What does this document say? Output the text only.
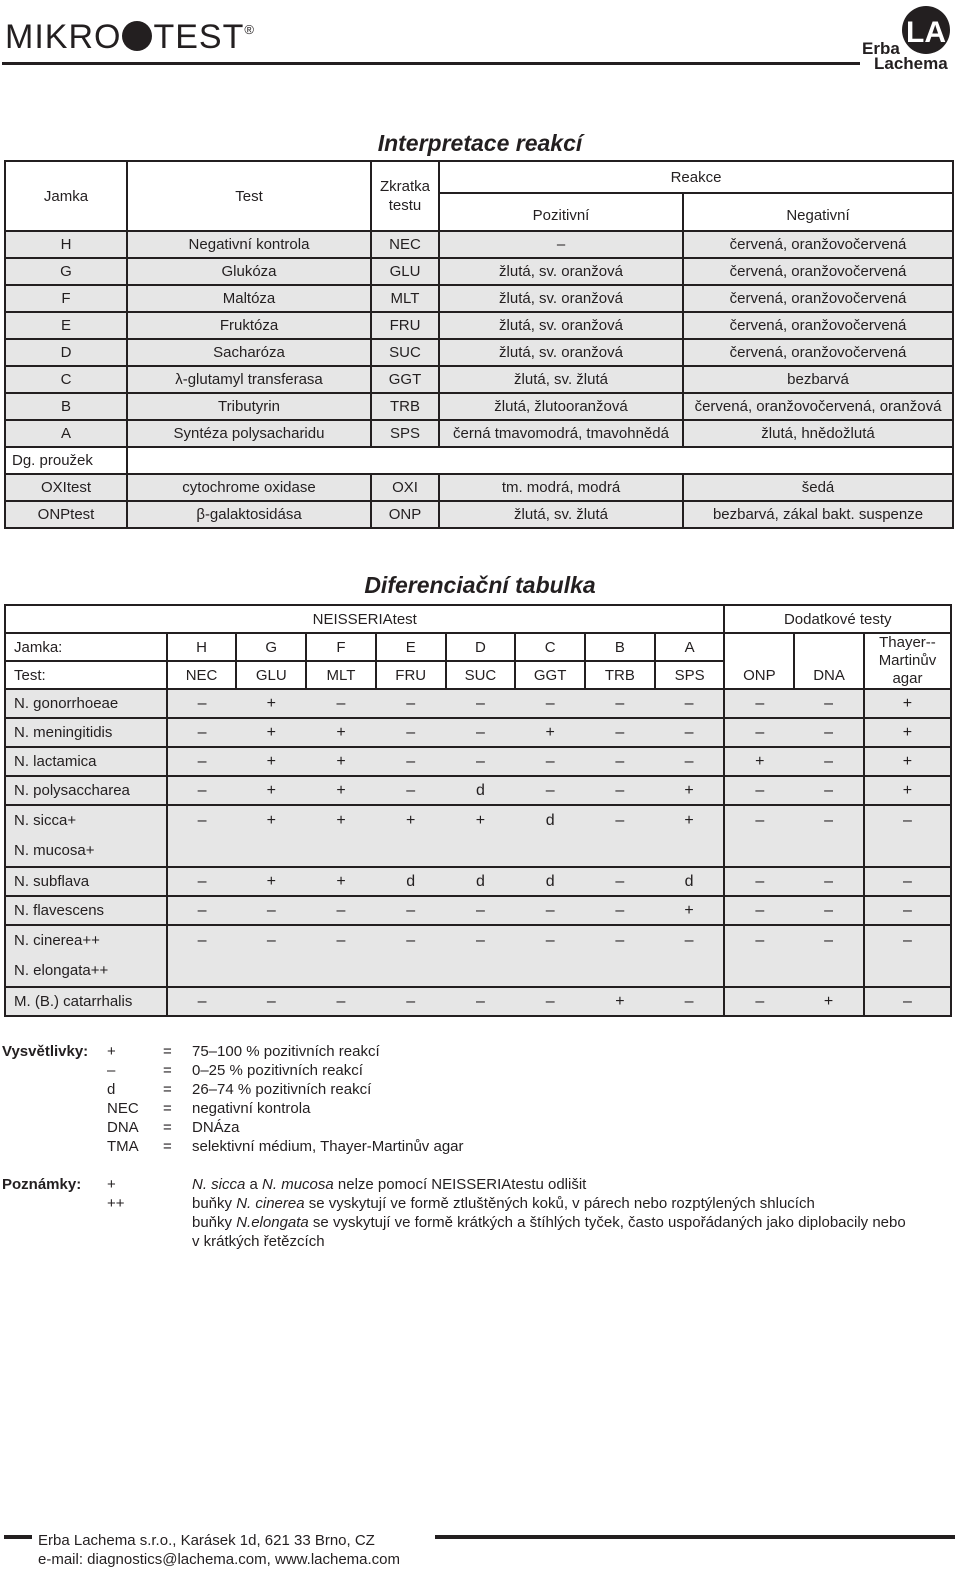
MIKRO TEST®	LA
Erba
Lachema
Interpretace reakcí
Jamka	Test	Zkratka testu	Reakce	
			Pozitivní	Negativní
H	Negativní kontrola	NEC	–	červená, oranžovočervená
G	Glukóza	GLU	žlutá, sv. oranžová	červená, oranžovočervená
F	Maltóza	MLT	žlutá, sv. oranžová	červená, oranžovočervená
E	Fruktóza	FRU	žlutá, sv. oranžová	červená, oranžovočervená
D	Sacharóza	SUC	žlutá, sv. oranžová	červená, oranžovočervená
C	λ-glutamyl transferasa	GGT	žlutá, sv. žlutá	bezbarvá
B	Tributyrin	TRB	žlutá, žlutooranžová	červená, oranžovočervená, oranžová
A	Syntéza polysacharidu	SPS	černá tmavomodrá, tmavohnědá	žlutá, hnědožlutá
Dg. proužek				
OXItest	cytochrome oxidase	OXI	tm. modrá, modrá	šedá
ONPtest	β-galaktosidása	ONP	žlutá, sv. žlutá	bezbarvá, zákal bakt. suspenze
Diferenciační tabulka
NEISSERIAtest									Dodatkové testy		
Jamka:	H	G	F	E	D	C	B	A	ONP	DNA	Thayer--Martinův agar
Test:	NEC	GLU	MLT	FRU	SUC	GGT	TRB	SPS			
N. gonorrhoeae	–	+	–	–	–	–	–	–	–	–	+
N. meningitidis	–	+	+	–	–	+	–	–	–	–	+
N. lactamica	–	+	+	–	–	–	–	–	+	–	+
N. polysaccharea	–	+	+	–	d	–	–	+	–	–	+

N. sicca+
N. mucosa+	–	+	+	+	+	d	–	+	–	–	–
N. subflava	–	+	+	d	d	d	–	d	–	–	–
N. flavescens	–	–	–	–	–	–	–	+	–	–	–

N. cinerea++
N. elongata++	–	–	–	–	–	–	–	–	–	–	–
M. (B.) catarrhalis	–	–	–	–	–	–	+	–	–	+	–
Vysvětlivky: +	= 75–100 % pozitivních reakcí
–	= 0–25 % pozitivních reakcí
d	= 26–74 % pozitivních reakcí
NEC = negativní kontrola
DNA = DNÁza
TMA = selektivní médium, Thayer-Martinův agar
Poznámky: +
++
N. sicca a N. mucosa nelze pomocí NEISSERIAtestu odlišit
buňky N. cinerea se vyskytují ve formě ztluštěných koků, v párech nebo rozptýlených shlucích
buňky N.elongata se vyskytují ve formě krátkých a štíhlých tyček, často uspořádaných jako diplobacily nebo
v krátkých řetězcích
Erba Lachema s.r.o., Karásek 1d, 621 33 Brno, CZ
e-mail: diagnostics@lachema.com, www.lachema.com
